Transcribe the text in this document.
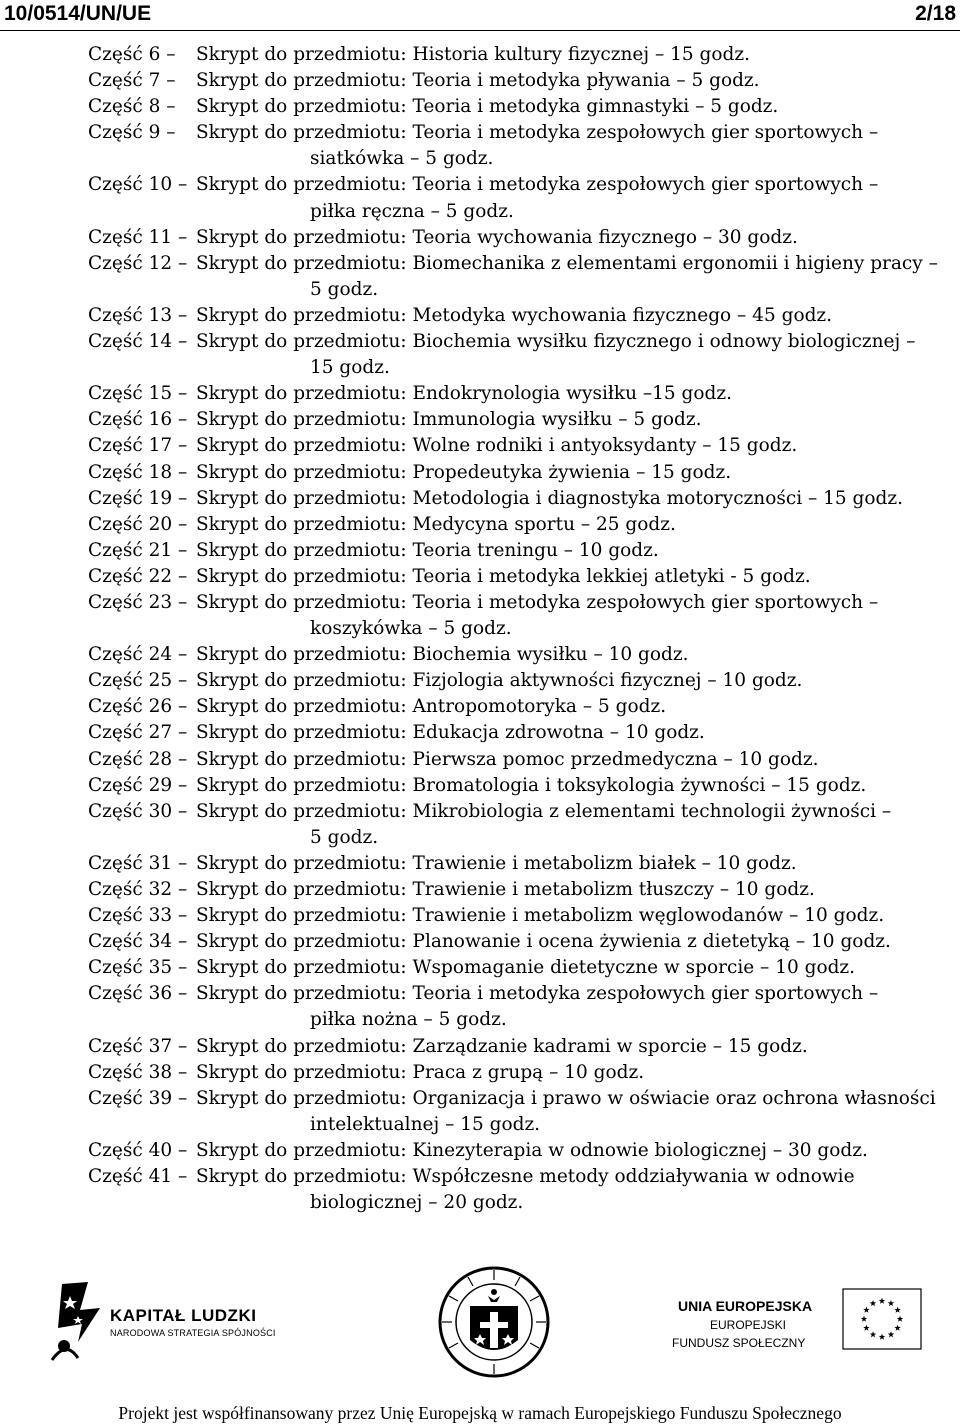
10/0514/UN/UE	2/18
Część 6 –	Skrypt do przedmiotu: Historia kultury fizycznej – 15 godz.
Część 7 –	Skrypt do przedmiotu: Teoria i metodyka pływania – 5 godz.
Część 8 –	Skrypt do przedmiotu: Teoria i metodyka gimnastyki – 5 godz.
Część 9 –	Skrypt do przedmiotu: Teoria i metodyka zespołowych gier sportowych –
siatkówka – 5 godz.
Część 10 – Skrypt do przedmiotu: Teoria i metodyka zespołowych gier sportowych –
piłka ręczna – 5 godz.
Część 11 – Skrypt do przedmiotu: Teoria wychowania fizycznego – 30 godz.
Część 12 – Skrypt do przedmiotu: Biomechanika z elementami ergonomii i higieny pracy –
5 godz.
Część 13 – Skrypt do przedmiotu: Metodyka wychowania fizycznego – 45 godz.
Część 14 – Skrypt do przedmiotu: Biochemia wysiłku fizycznego i odnowy biologicznej –
15 godz.
Część 15 – Skrypt do przedmiotu: Endokrynologia wysiłku –15 godz.
Część 16 – Skrypt do przedmiotu: Immunologia wysiłku – 5 godz.
Część 17 – Skrypt do przedmiotu: Wolne rodniki i antyoksydanty – 15 godz.
Część 18 – Skrypt do przedmiotu: Propedeutyka żywienia – 15 godz.
Część 19 – Skrypt do przedmiotu: Metodologia i diagnostyka motoryczności – 15 godz.
Część 20 – Skrypt do przedmiotu: Medycyna sportu – 25 godz.
Część 21 – Skrypt do przedmiotu: Teoria treningu – 10 godz.
Część 22 – Skrypt do przedmiotu: Teoria i metodyka lekkiej atletyki - 5 godz.
Część 23 – Skrypt do przedmiotu: Teoria i metodyka zespołowych gier sportowych –
koszykówka – 5 godz.
Część 24 – Skrypt do przedmiotu: Biochemia wysiłku – 10 godz.
Część 25 – Skrypt do przedmiotu: Fizjologia aktywności fizycznej – 10 godz.
Część 26 – Skrypt do przedmiotu: Antropomotoryka – 5 godz.
Część 27 – Skrypt do przedmiotu: Edukacja zdrowotna – 10 godz.
Część 28 – Skrypt do przedmiotu: Pierwsza pomoc przedmedyczna – 10 godz.
Część 29 – Skrypt do przedmiotu: Bromatologia i toksykologia żywności – 15 godz.
Część 30 – Skrypt do przedmiotu: Mikrobiologia z elementami technologii żywności –
5 godz.
Część 31 – Skrypt do przedmiotu: Trawienie i metabolizm białek – 10 godz.
Część 32 – Skrypt do przedmiotu: Trawienie i metabolizm tłuszczy – 10 godz.
Część 33 – Skrypt do przedmiotu: Trawienie i metabolizm węglowodanów – 10 godz.
Część 34 – Skrypt do przedmiotu: Planowanie i ocena żywienia z dietetyką – 10 godz.
Część 35 – Skrypt do przedmiotu: Wspomaganie dietetyczne w sporcie – 10 godz.
Część 36 – Skrypt do przedmiotu: Teoria i metodyka zespołowych gier sportowych –
piłka nożna – 5 godz.
Część 37 – Skrypt do przedmiotu: Zarządzanie kadrami w sporcie – 15 godz.
Część 38 – Skrypt do przedmiotu: Praca z grupą – 10 godz.
Część 39 – Skrypt do przedmiotu: Organizacja i prawo w oświacie oraz ochrona własności
intelektualnej – 15 godz.
Część 40 – Skrypt do przedmiotu: Kinezyterapia w odnowie biologicznej – 30 godz.
Część 41 – Skrypt do przedmiotu: Współczesne metody oddziaływania w odnowie
biologicznej – 20 godz.
KAPITAŁ LUDZKI
NARODOWA STRATEGIA SPÓJNOŚCI
UNIA EUROPEJSKA
EUROPEJSKI
FUNDUSZ SPOŁECZNY
Projekt jest współfinansowany przez Unię Europejską w ramach Europejskiego Funduszu Społecznego
